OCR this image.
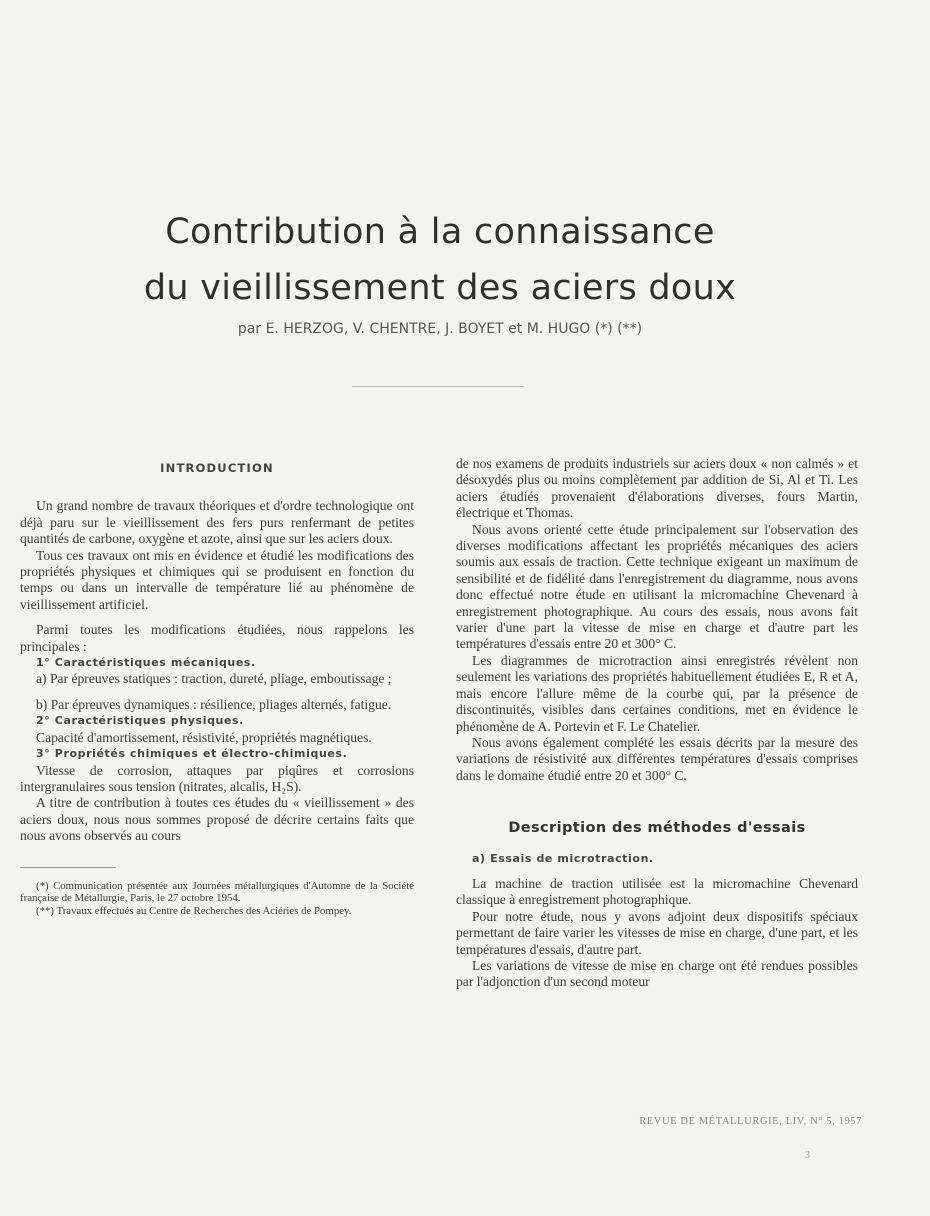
Contribution à la connaissance
du vieillissement des aciers doux
par E. HERZOG, V. CHENTRE, J. BOYET et M. HUGO (*) (**)
INTRODUCTION

Un grand nombre de travaux théoriques et d'ordre technologique ont déjà paru sur le vieillissement des fers purs renfermant de petites quantités de carbone, oxygène et azote, ainsi que sur les aciers doux.

Tous ces travaux ont mis en évidence et étudié les modifications des propriétés physiques et chimiques qui se produisent en fonction du temps ou dans un intervalle de température lié au phénomène de vieillissement artificiel.

Parmi toutes les modifications étudiées, nous rappelons les principales :

1° Caractéristiques mécaniques.

a) Par épreuves statiques : traction, dureté, pliage, emboutissage ;

b) Par épreuves dynamiques : résilience, pliages alternés, fatigue.

2° Caractéristiques physiques.

Capacité d'amortissement, résistivité, propriétés magnétiques.

3° Propriétés chimiques et électro-chimiques.

Vitesse de corrosion, attaques par piqûres et corrosions intergranulaires sous tension (nitrates, alcalis, H₂S).

A titre de contribution à toutes ces études du « vieillissement » des aciers doux, nous nous sommes proposé de décrire certains faits que nous avons observés au cours

(*) Communication présentée aux Journées métallurgiques d'Automne de la Société française de Métallurgie, Paris, le 27 octobre 1954.

(**) Travaux effectués au Centre de Recherches des Aciéries de Pompey.

de nos examens de produits industriels sur aciers doux « non calmés » et désoxydés plus ou moins complètement par addition de Si, Al et Ti. Les aciers étudiés provenaient d'élaborations diverses, fours Martin, électrique et Thomas.

Nous avons orienté cette étude principalement sur l'observation des diverses modifications affectant les propriétés mécaniques des aciers soumis aux essais de traction. Cette technique exigeant un maximum de sensibilité et de fidélité dans l'enregistrement du diagramme, nous avons donc effectué notre étude en utilisant la micromachine Chevenard à enregistrement photographique. Au cours des essais, nous avons fait varier d'une part la vitesse de mise en charge et d'autre part les températures d'essais entre 20 et 300° C.

Les diagrammes de microtraction ainsi enregistrés révèlent non seulement les variations des propriétés habituellement étudiées E, R et A, mais encore l'allure même de la courbe qui, par la présence de discontinuités, visibles dans certaines conditions, met en évidence le phénomène de A. Portevin et F. Le Chatelier.

Nous avons également complété les essais décrits par la mesure des variations de résistivité aux différentes températures d'essais comprises dans le domaine étudié entre 20 et 300° C.

Description des méthodes d'essais

a) Essais de microtraction.

La machine de traction utilisée est la micromachine Chevenard classique à enregistrement photographique.

Pour notre étude, nous y avons adjoint deux dispositifs spéciaux permettant de faire varier les vitesses de mise en charge, d'une part, et les températures d'essais, d'autre part.

Les variations de vitesse de mise en charge ont été rendues possibles par l'adjonction d'un second moteur

REVUE DE MÉTALLURGIE, LIV, N° 5, 1957
3
